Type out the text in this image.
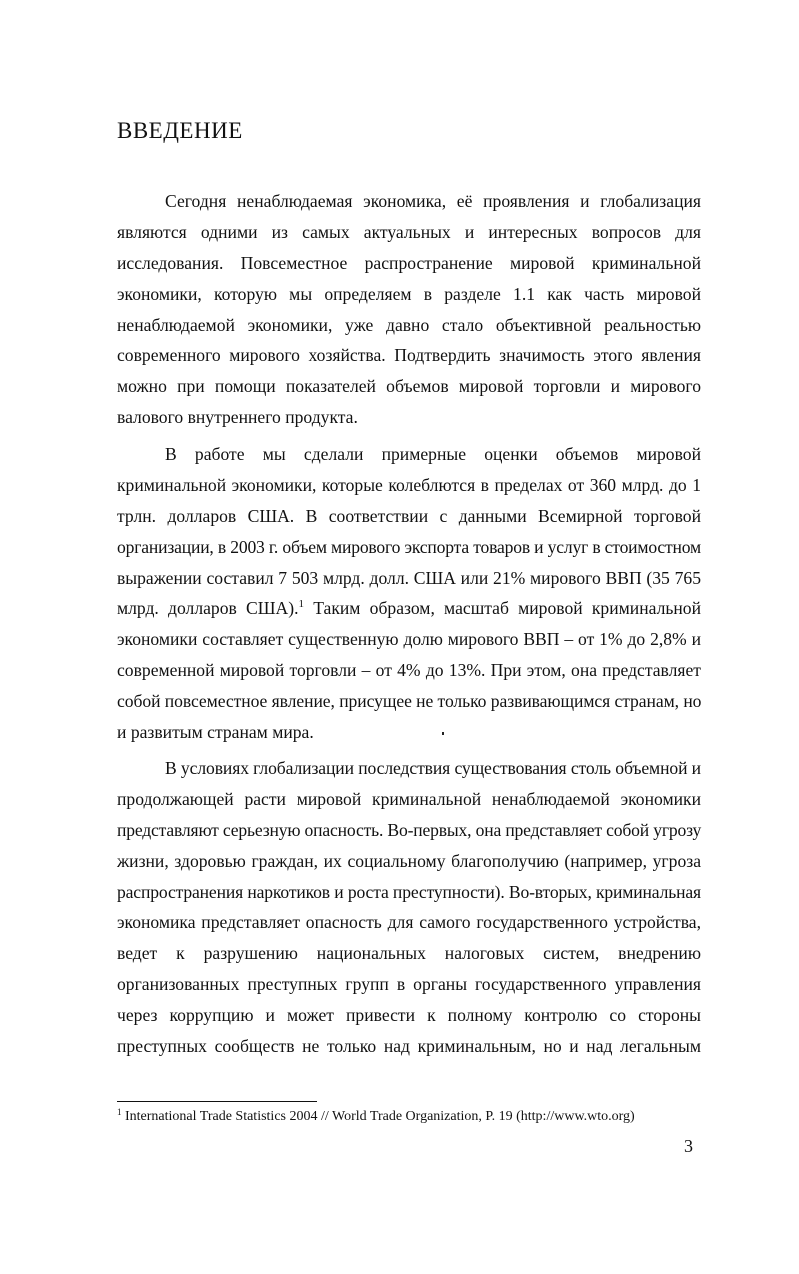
ВВЕДЕНИЕ
Сегодня ненаблюдаемая экономика, её проявления и глобализация
являются одними из самых актуальных и интересных вопросов для
исследования. Повсеместное распространение мировой криминальной
экономики, которую мы определяем в разделе 1.1 как часть мировой
ненаблюдаемой экономики, уже давно стало объективной реальностью
современного мирового хозяйства. Подтвердить значимость этого явления
можно при помощи показателей объемов мировой торговли и мирового
валового внутреннего продукта.
В работе мы сделали примерные оценки объемов мировой
криминальной экономики, которые колеблются в пределах от 360 млрд. до 1
трлн. долларов США. В соответствии с данными Всемирной торговой
организации, в 2003 г. объем мирового экспорта товаров и услуг в стоимостном
выражении составил 7 503 млрд. долл. США или 21% мирового ВВП (35 765
млрд. долларов США).$^1$ Таким образом, масштаб мировой криминальной
экономики составляет существенную долю мирового ВВП – от 1% до 2,8% и
современной мировой торговли – от 4% до 13%. При этом, она представляет
собой повсеместное явление, присущее не только развивающимся странам, но
и развитым странам мира.
В условиях глобализации последствия существования столь объемной и
продолжающей расти мировой криминальной ненаблюдаемой экономики
представляют серьезную опасность. Во-первых, она представляет собой угрозу
жизни, здоровью граждан, их социальному благополучию (например, угроза
распространения наркотиков и роста преступности). Во-вторых, криминальная
экономика представляет опасность для самого государственного устройства,
ведет к разрушению национальных налоговых систем, внедрению
организованных преступных групп в органы государственного управления
через коррупцию и может привести к полному контролю со стороны
преступных сообществ не только над криминальным, но и над легальным
$^1$ International Trade Statistics 2004 // World Trade Organization, P. 19 (http://www.wto.org)
3
